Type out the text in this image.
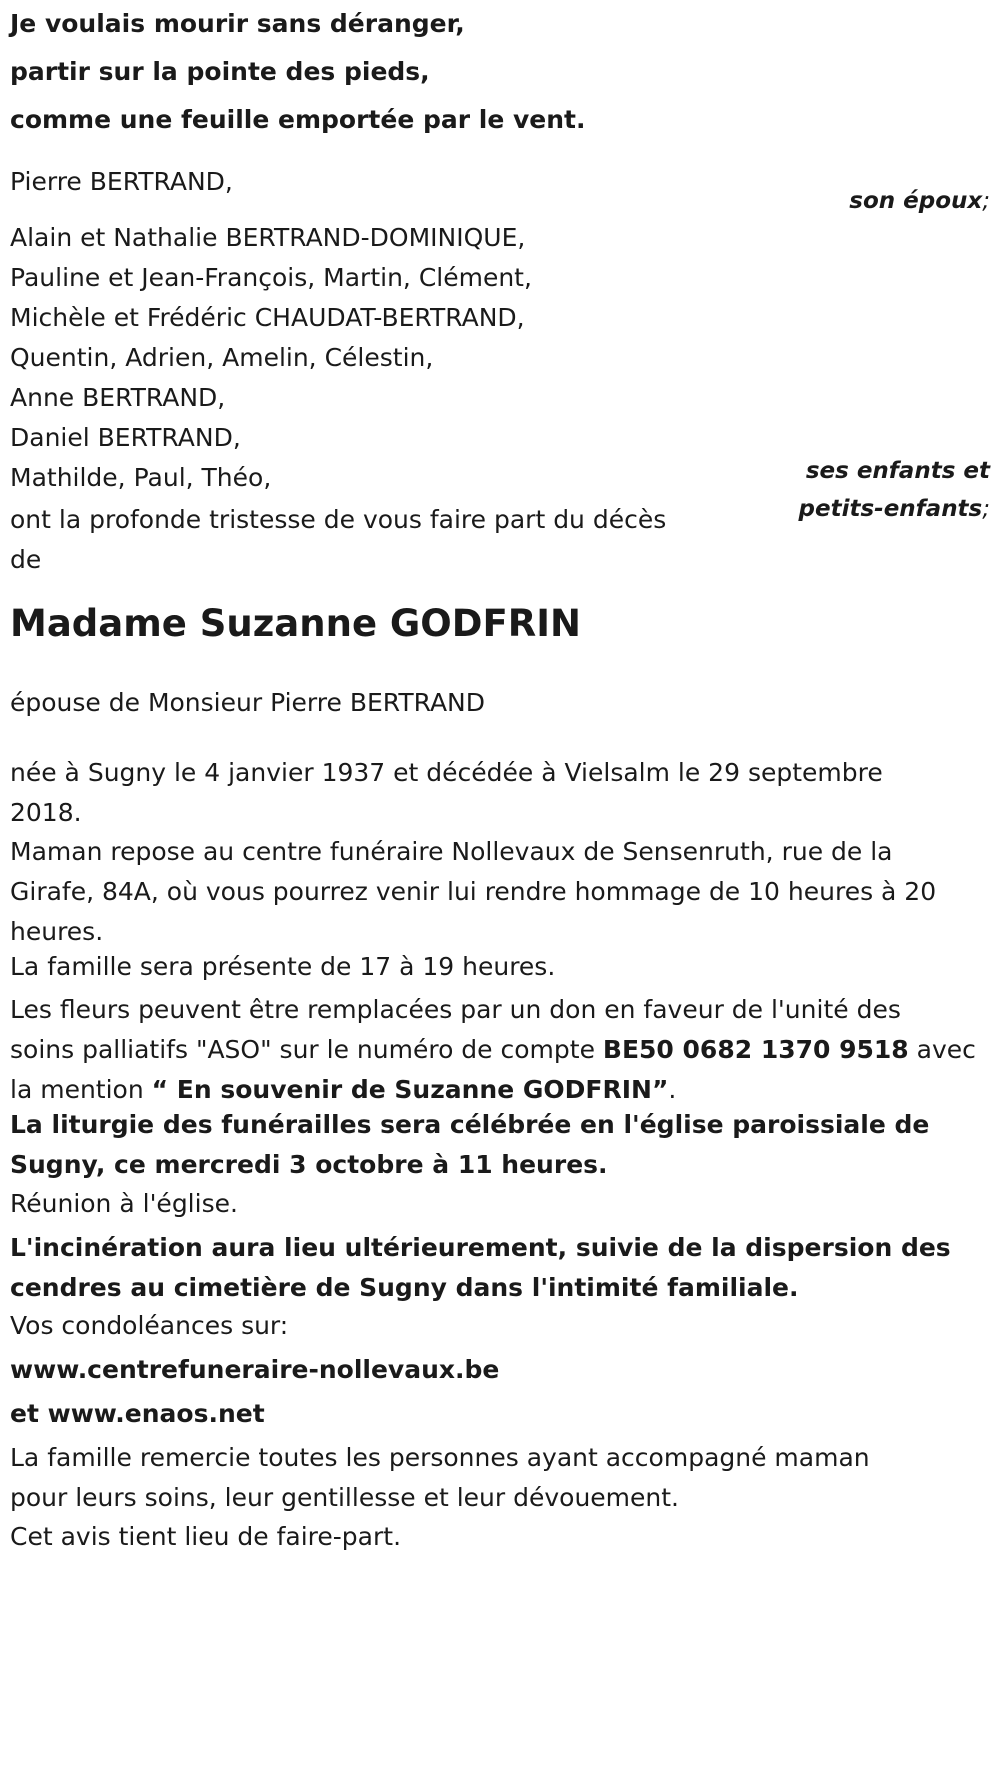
Je voulais mourir sans déranger,
partir sur la pointe des pieds,
comme une feuille emportée par le vent.
Pierre BERTRAND,
son époux;
Alain et Nathalie BERTRAND-DOMINIQUE,
Pauline et Jean-François, Martin, Clément,
Michèle et Frédéric CHAUDAT-BERTRAND,
Quentin, Adrien, Amelin, Célestin,
Anne BERTRAND,
Daniel BERTRAND,
Mathilde, Paul, Théo,	ses enfants et
petits-enfants;
ont la profonde tristesse de vous faire part du décès
de
Madame Suzanne GODFRIN
épouse de Monsieur Pierre BERTRAND
née à Sugny le 4 janvier 1937 et décédée à Vielsalm le 29 septembre
2018.
Maman repose au centre funéraire Nollevaux de Sensenruth, rue de la
Girafe, 84A, où vous pourrez venir lui rendre hommage de 10 heures à 20
heures.
La famille sera présente de 17 à 19 heures.
Les fleurs peuvent être remplacées par un don en faveur de l'unité des
soins palliatifs "ASO" sur le numéro de compte BE50 0682 1370 9518 avec
la mention “ En souvenir de Suzanne GODFRIN”.
La liturgie des funérailles sera célébrée en l'église paroissiale de
Sugny, ce mercredi 3 octobre à 11 heures.
Réunion à l'église.
L'incinération aura lieu ultérieurement, suivie de la dispersion des
cendres au cimetière de Sugny dans l'intimité familiale.
Vos condoléances sur:
www.centrefuneraire-nollevaux.be
et www.enaos.net
La famille remercie toutes les personnes ayant accompagné maman
pour leurs soins, leur gentillesse et leur dévouement.
Cet avis tient lieu de faire-part.
